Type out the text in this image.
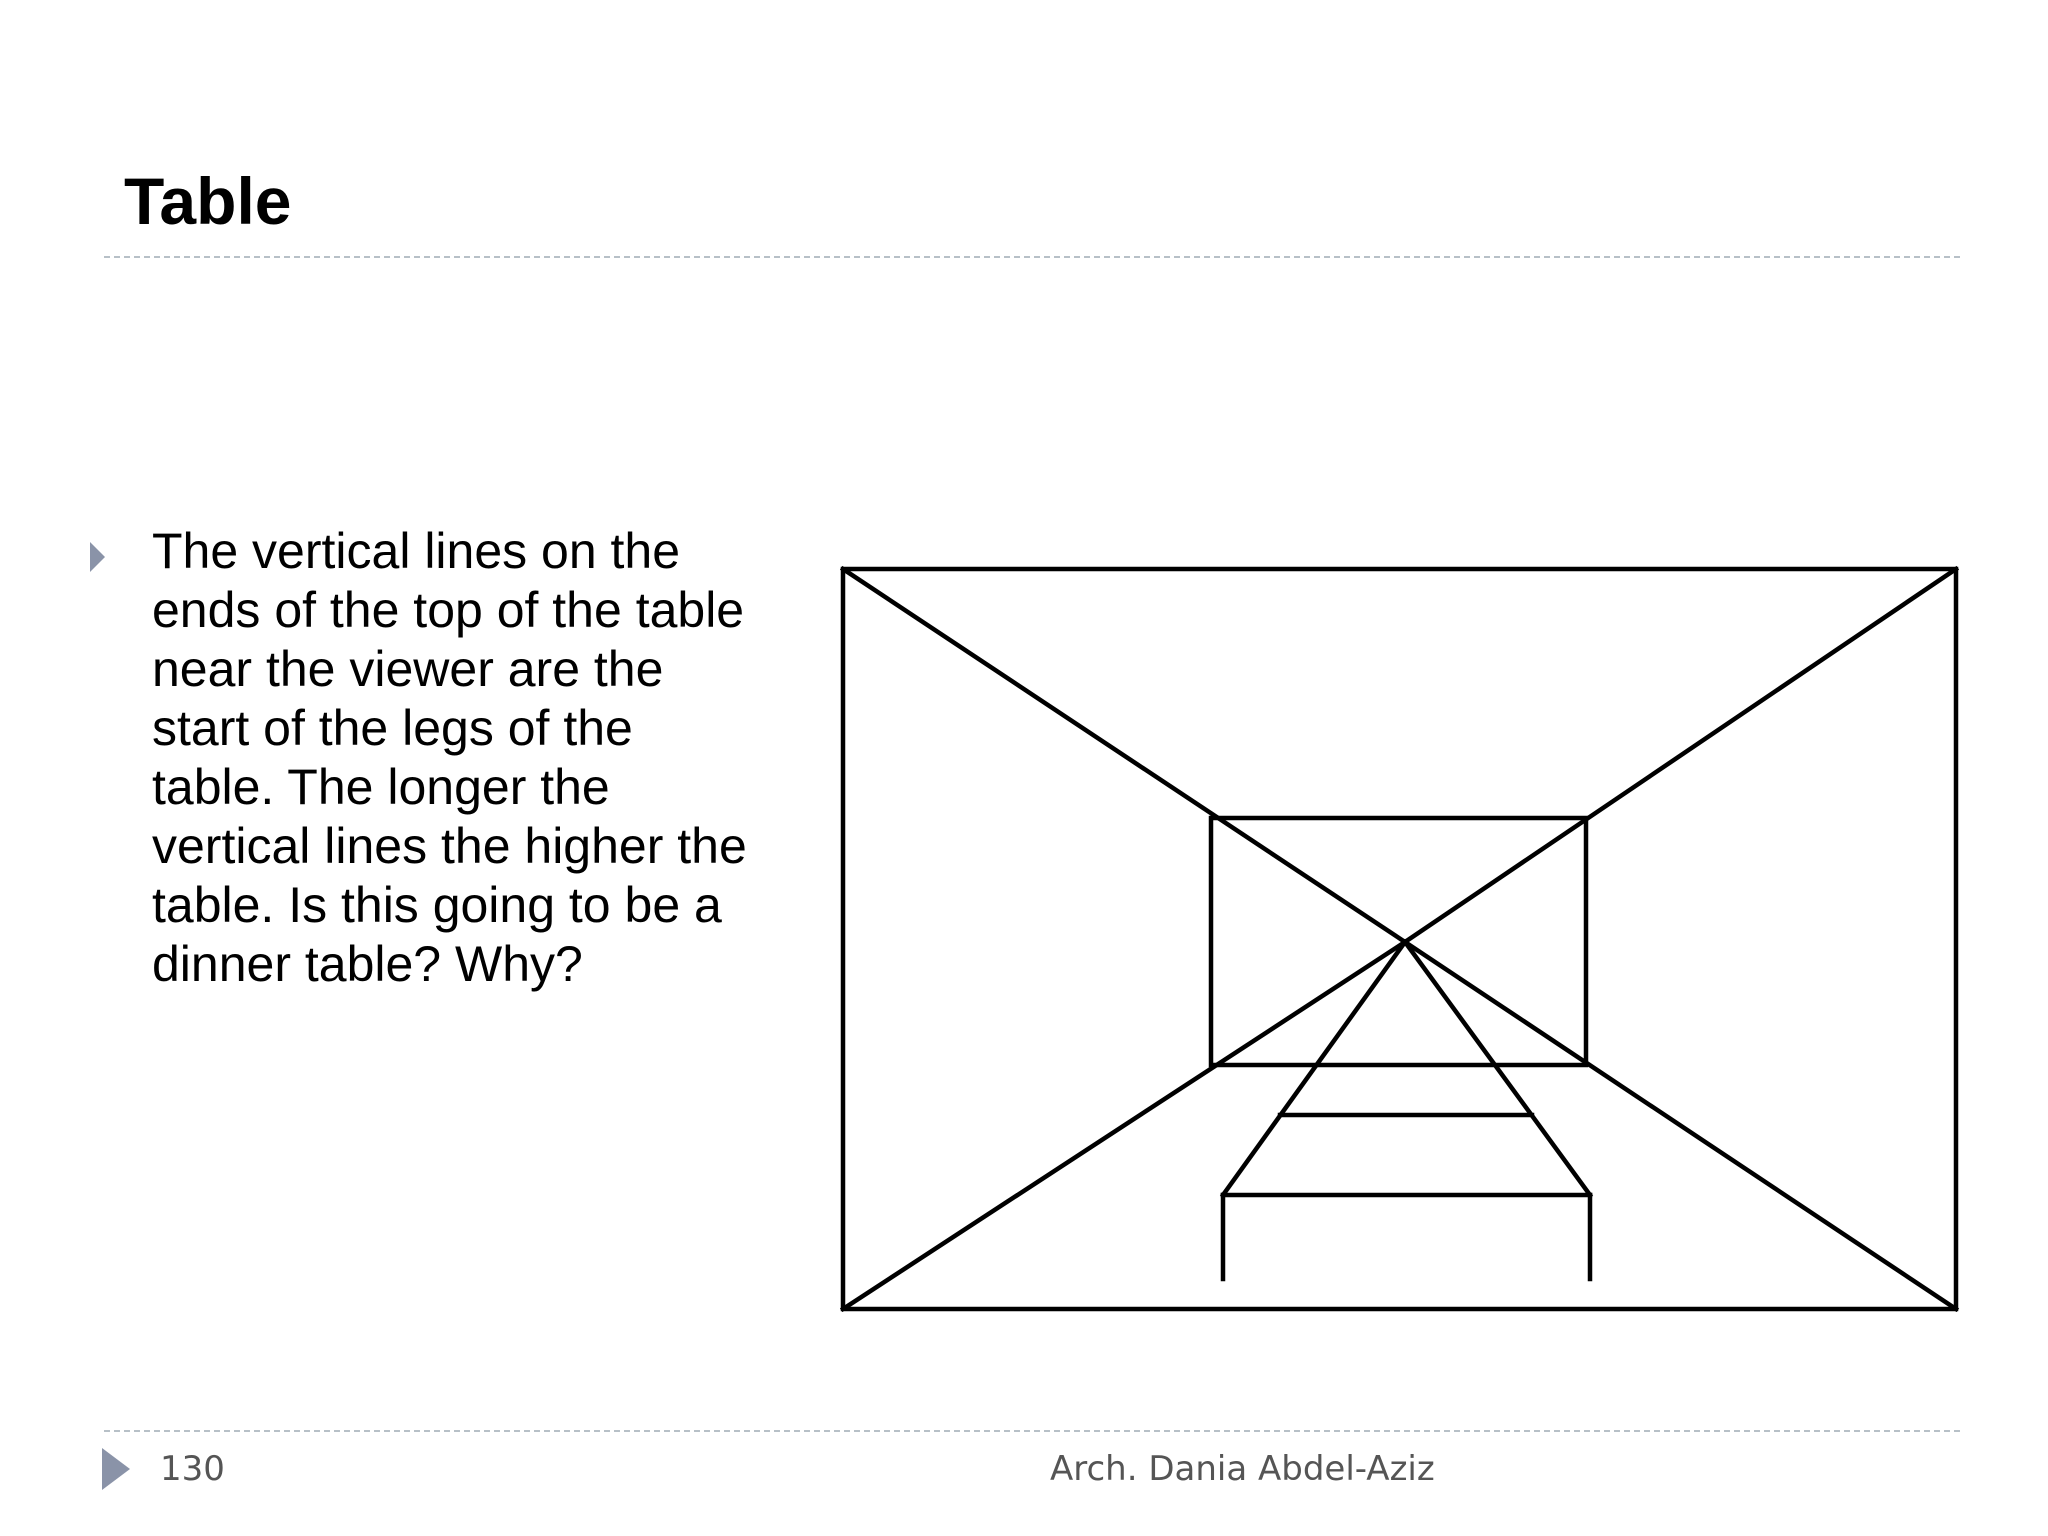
Table

The vertical lines on the ends of the top of the table near the viewer are the start of the legs of the table. The longer the vertical lines the higher the table. Is this going to be a dinner table? Why?

130	Arch. Dania Abdel-Aziz
